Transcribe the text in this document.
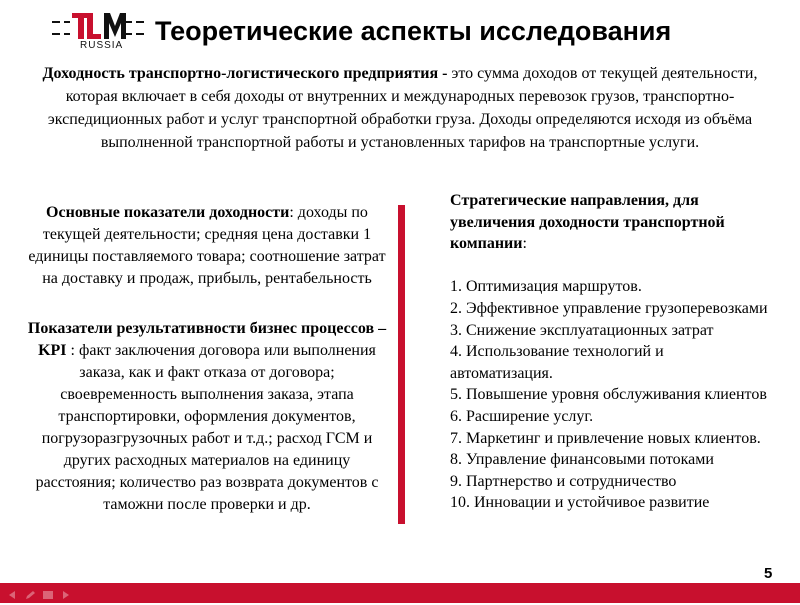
RUSSIA Теоретические аспекты исследования
Доходность транспортно-логистического предприятия - это сумма доходов от текущей деятельности, которая включает в себя доходы от внутренних и международных перевозок грузов, транспортно-экспедиционных работ и услуг транспортной обработки груза. Доходы определяются исходя из объёма выполненной транспортной работы и установленных тарифов на транспортные услуги.

Основные показатели доходности: доходы по текущей деятельности; средняя цена доставки 1 единицы поставляемого товара; соотношение затрат на доставку и продаж, прибыль, рентабельность

Показатели результативности бизнес процессов – KPI : факт заключения договора или выполнения заказа, как и факт отказа от договора; своевременность выполнения заказа, этапа транспортировки, оформления документов, погрузоразгрузочных работ и т.д.; расход ГСМ и других расходных материалов на единицу расстояния; количество раз возврата документов с таможни после проверки и др.

Стратегические направления, для увеличения доходности транспортной компании:

1. Оптимизация маршрутов.
2. Эффективное управление грузоперевозками
3. Снижение эксплуатационных затрат
4. Использование технологий и автоматизация.
5. Повышение уровня обслуживания клиентов
6. Расширение услуг.
7. Маркетинг и привлечение новых клиентов.
8. Управление финансовыми потоками
9. Партнерство и сотрудничество
10. Инновации и устойчивое развитие
5
